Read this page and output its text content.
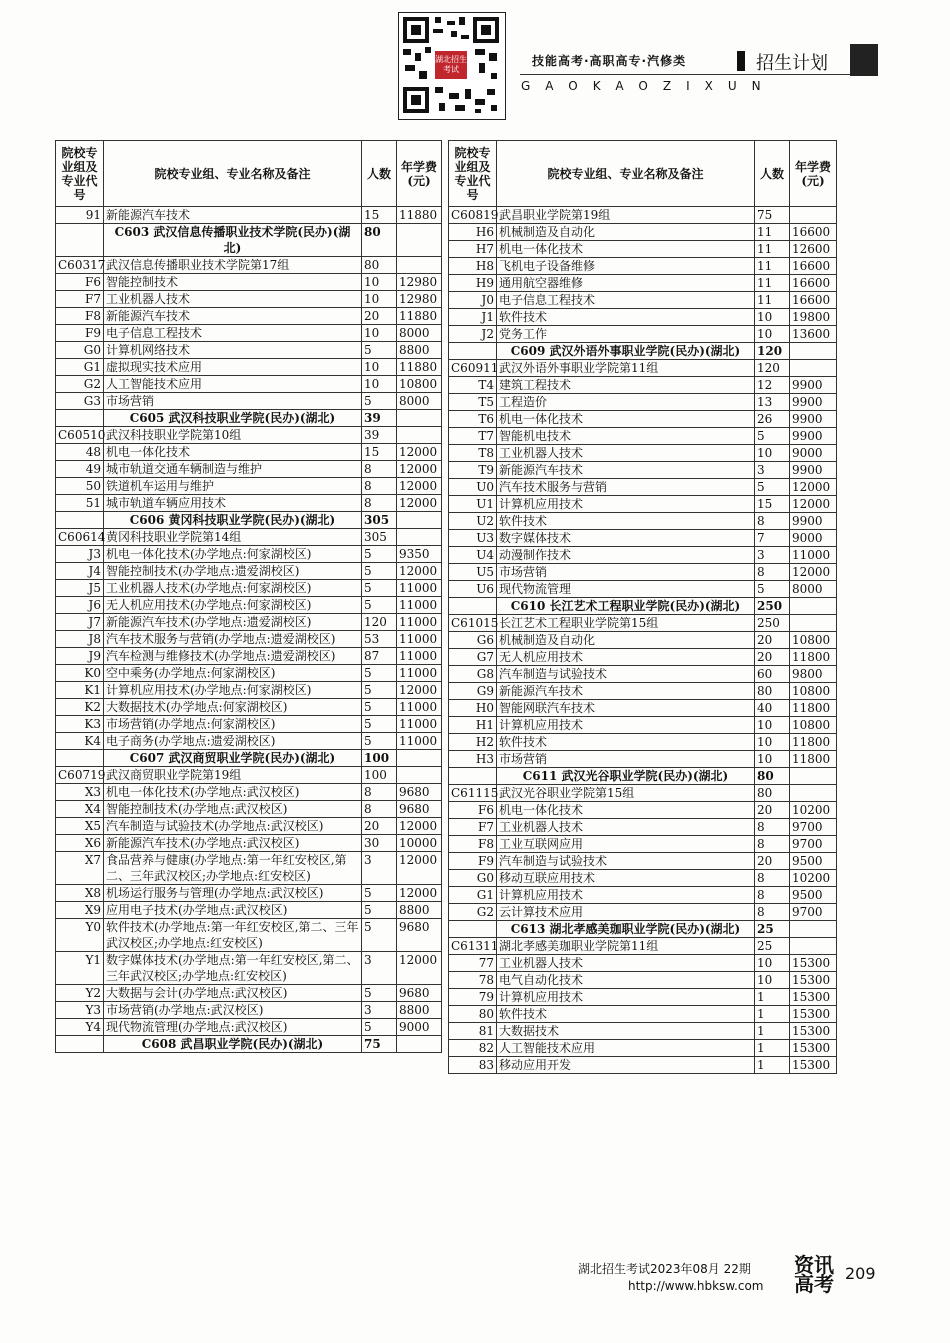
湖北招生考试
技能高考·高职高专·汽修类	招生计划
GAOKAOZIXUN
院校专业组及专业代号	院校专业组、专业名称及备注	人数	年学费(元)
91	新能源汽车技术	15	11880
	C603 武汉信息传播职业技术学院(民办)(湖北)	80	
C60317	武汉信息传播职业技术学院第17组	80	
F6	智能控制技术	10	12980
F7	工业机器人技术	10	12980
F8	新能源汽车技术	20	11880
F9	电子信息工程技术	10	8000
G0	计算机网络技术	5	8800
G1	虚拟现实技术应用	10	11880
G2	人工智能技术应用	10	10800
G3	市场营销	5	8000
	C605 武汉科技职业学院(民办)(湖北)	39	
C60510	武汉科技职业学院第10组	39	
48	机电一体化技术	15	12000
49	城市轨道交通车辆制造与维护	8	12000
50	铁道机车运用与维护	8	12000
51	城市轨道车辆应用技术	8	12000
	C606 黄冈科技职业学院(民办)(湖北)	305	
C60614	黄冈科技职业学院第14组	305	
J3	机电一体化技术(办学地点:何家湖校区)	5	9350
J4	智能控制技术(办学地点:遗爱湖校区)	5	12000
J5	工业机器人技术(办学地点:何家湖校区)	5	11000
J6	无人机应用技术(办学地点:何家湖校区)	5	11000
J7	新能源汽车技术(办学地点:遗爱湖校区)	120	11000
J8	汽车技术服务与营销(办学地点:遗爱湖校区)	53	11000
J9	汽车检测与维修技术(办学地点:遗爱湖校区)	87	11000
K0	空中乘务(办学地点:何家湖校区)	5	11000
K1	计算机应用技术(办学地点:何家湖校区)	5	12000
K2	大数据技术(办学地点:何家湖校区)	5	11000
K3	市场营销(办学地点:何家湖校区)	5	11000
K4	电子商务(办学地点:遗爱湖校区)	5	11000
	C607 武汉商贸职业学院(民办)(湖北)	100	
C60719	武汉商贸职业学院第19组	100	
X3	机电一体化技术(办学地点:武汉校区)	8	9680
X4	智能控制技术(办学地点:武汉校区)	8	9680
X5	汽车制造与试验技术(办学地点:武汉校区)	20	12000
X6	新能源汽车技术(办学地点:武汉校区)	30	10000
X7	食品营养与健康(办学地点:第一年红安校区,第二、三年武汉校区;办学地点:红安校区)	3	12000
X8	机场运行服务与管理(办学地点:武汉校区)	5	12000
X9	应用电子技术(办学地点:武汉校区)	5	8800
Y0	软件技术(办学地点:第一年红安校区,第二、三年武汉校区;办学地点:红安校区)	5	9680
Y1	数字媒体技术(办学地点:第一年红安校区,第二、三年武汉校区;办学地点:红安校区)	3	12000
Y2	大数据与会计(办学地点:武汉校区)	5	9680
Y3	市场营销(办学地点:武汉校区)	3	8800
Y4	现代物流管理(办学地点:武汉校区)	5	9000
	C608 武昌职业学院(民办)(湖北)	75	
院校专业组及专业代号	院校专业组、专业名称及备注	人数	年学费(元)
C60819	武昌职业学院第19组	75	
H6	机械制造及自动化	11	16600
H7	机电一体化技术	11	12600
H8	飞机电子设备维修	11	16600
H9	通用航空器维修	11	16600
J0	电子信息工程技术	11	16600
J1	软件技术	10	19800
J2	党务工作	10	13600
	C609 武汉外语外事职业学院(民办)(湖北)	120	
C60911	武汉外语外事职业学院第11组	120	
T4	建筑工程技术	12	9900
T5	工程造价	13	9900
T6	机电一体化技术	26	9900
T7	智能机电技术	5	9900
T8	工业机器人技术	10	9000
T9	新能源汽车技术	3	9900
U0	汽车技术服务与营销	5	12000
U1	计算机应用技术	15	12000
U2	软件技术	8	9900
U3	数字媒体技术	7	9000
U4	动漫制作技术	3	11000
U5	市场营销	8	12000
U6	现代物流管理	5	8000
	C610 长江艺术工程职业学院(民办)(湖北)	250	
C61015	长江艺术工程职业学院第15组	250	
G6	机械制造及自动化	20	10800
G7	无人机应用技术	20	11800
G8	汽车制造与试验技术	60	9800
G9	新能源汽车技术	80	10800
H0	智能网联汽车技术	40	11800
H1	计算机应用技术	10	10800
H2	软件技术	10	11800
H3	市场营销	10	11800
	C611 武汉光谷职业学院(民办)(湖北)	80	
C61115	武汉光谷职业学院第15组	80	
F6	机电一体化技术	20	10200
F7	工业机器人技术	8	9700
F8	工业互联网应用	8	9700
F9	汽车制造与试验技术	20	9500
G0	移动互联应用技术	8	10200
G1	计算机应用技术	8	9500
G2	云计算技术应用	8	9700
	C613 湖北孝感美珈职业学院(民办)(湖北)	25	
C61311	湖北孝感美珈职业学院第11组	25	
77	工业机器人技术	10	15300
78	电气自动化技术	10	15300
79	计算机应用技术	1	15300
80	软件技术	1	15300
81	大数据技术	1	15300
82	人工智能技术应用	1	15300
83	移动应用开发	1	15300
湖北招生考试2023年08月 22期
http://www.hbksw.com
资讯 高考 209
